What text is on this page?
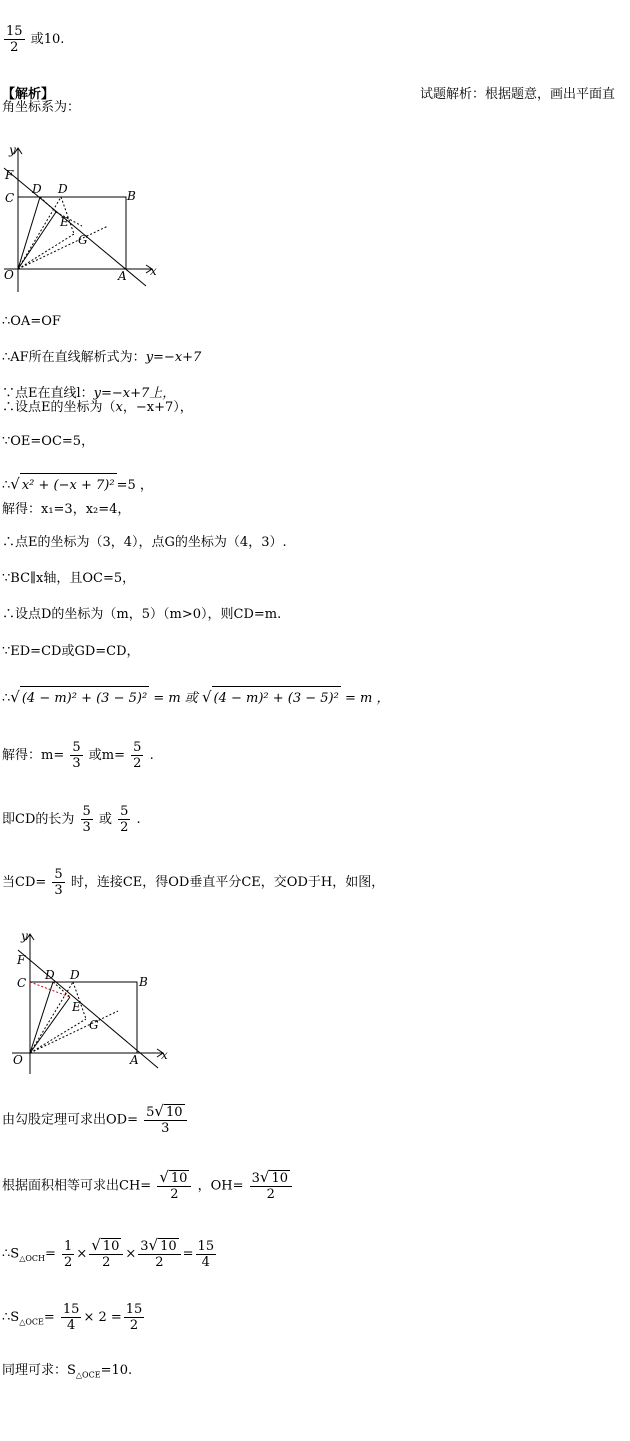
$\frac{15}{2}$ 或10.
【解析】	试题解析：根据题意，画出平面直
角坐标系为：
y
F
C
D D	B
E
G
O	A x
∴OA=OF
∴AF所在直线解析式为：y=−x+7
∵点E在直线l：y=−x+7上，
∴设点E的坐标为（x，−x+7），
∵OE=OC=5，
∴√ x² + (−x + 7)² =5 ，
解得：x₁=3，x₂=4，
∴点E的坐标为（3，4），点G的坐标为（4，3）.
∵BC∥x轴，且OC=5，
∴设点D的坐标为（m，5）（m>0），则CD=m.
∵ED=CD或GD=CD，
∴√ (4 − m)² + (3 − 5)² = m 或 √ (4 − m)² + (3 − 5)² = m ，
解得：$m= \frac{5}{3}$ 或$m= \frac{5}{2}$ .
即CD的长为 $\frac{5}{3}$ 或 $\frac{5}{2}$ .
当$CD= \frac{5}{3}$ 时，连接CE，得OD垂直平分CE，交OD于H，如图，
y
F
C
D D	B
E
G
O	A x
由勾股定理可求出$OD= \frac{5√ 10}{3}$
根据面积相等可求出$CH= \frac{√ 10}{2}$ ，$OH= \frac{3√ 10}{2}$
$\therefore S_{\triangle OCH}= \frac{1}{2} \times \frac{√ 10}{2} \times \frac{3√ 10}{2} = \frac{15}{4}$
$\therefore S_{\triangle OCE}= \frac{15}{4} \times 2 = \frac{15}{2}$
同理可求：$S_{\triangle OCE}=10$.
